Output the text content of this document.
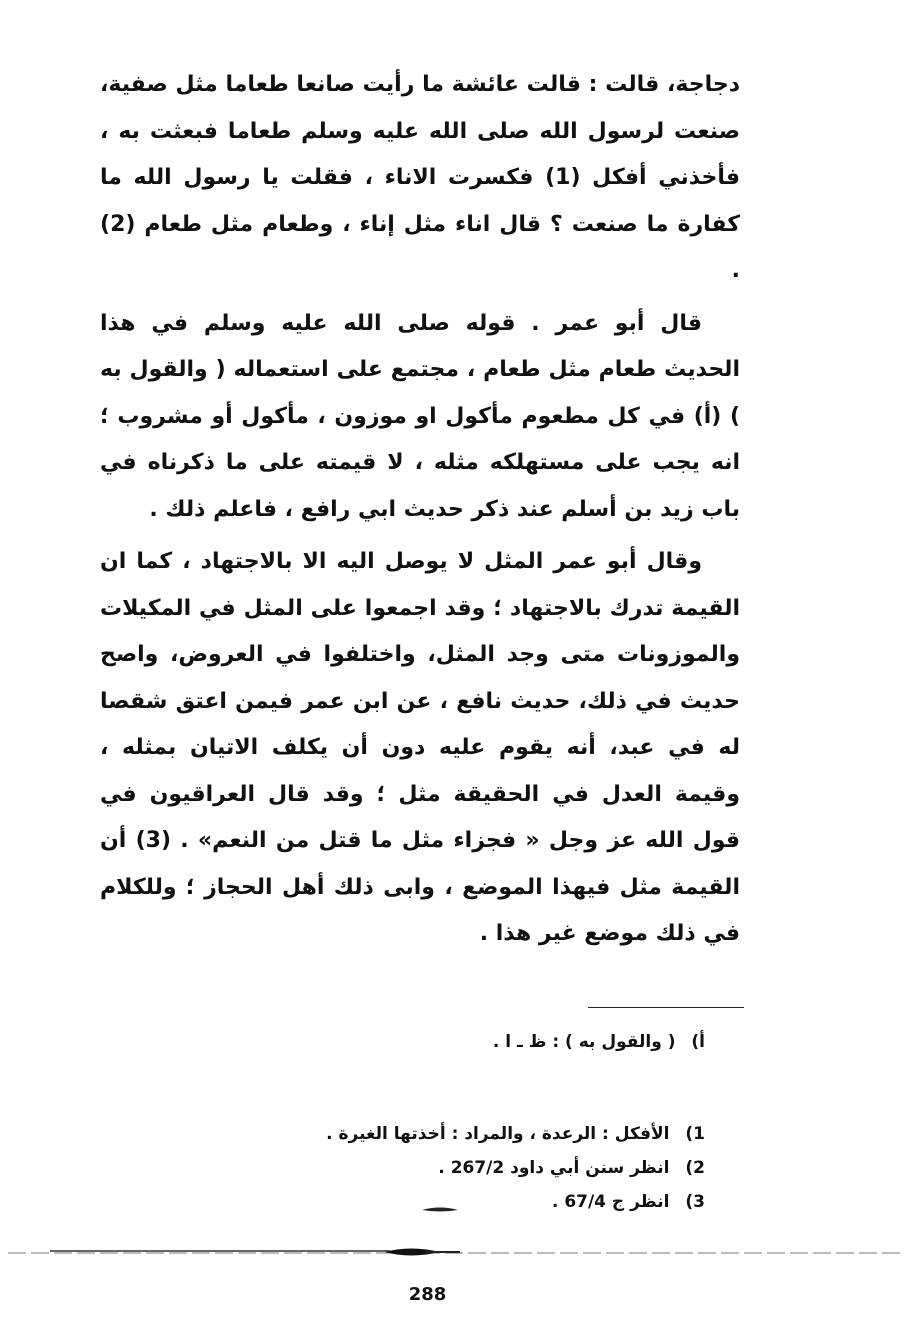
دجاجة، قالت : قالت عائشة ما رأيت صانعا طعاما مثل صفية، صنعت لرسول الله صلى الله عليه وسلم طعاما فبعثت به ، فأخذني أفكل (1) فكسرت الاناء ، فقلت يا رسول الله ما كفارة ما صنعت ؟ قال اناء مثل إناء ، وطعام مثل طعام (2) .

قال أبو عمر . قوله صلى الله عليه وسلم في هذا الحديث طعام مثل طعام ، مجتمع على استعماله ( والقول به ) (أ) في كل مطعوم مأكول او موزون ، مأكول أو مشروب ؛ انه يجب على مستهلكه مثله ، لا قيمته على ما ذكرناه في باب زيد بن أسلم عند ذكر حديث ابي رافع ، فاعلم ذلك .

وقال أبو عمر المثل لا يوصل اليه الا بالاجتهاد ، كما ان القيمة تدرك بالاجتهاد ؛ وقد اجمعوا على المثل في المكيلات والموزونات متى وجد المثل، واختلفوا في العروض، واصح حديث في ذلك، حديث نافع ، عن ابن عمر فيمن اعتق شقصا له في عبد، أنه يقوم عليه دون أن يكلف الاتيان بمثله ، وقيمة العدل في الحقيقة مثل ؛ وقد قال العراقيون في قول الله عز وجل « فجزاء مثل ما قتل من النعم» . (3) أن القيمة مثل فيهذا الموضع ، وابى ذلك أهل الحجاز ؛ وللكلام في ذلك موضع غير هذا .

أ) ( والقول به ) : ظ ـ ا .
1) الأفكل : الرعدة ، والمراد : أخذتها الغيرة .
2) انظر سنن أبي داود 267/2 .
3) انظر ج 67/4 .
288
